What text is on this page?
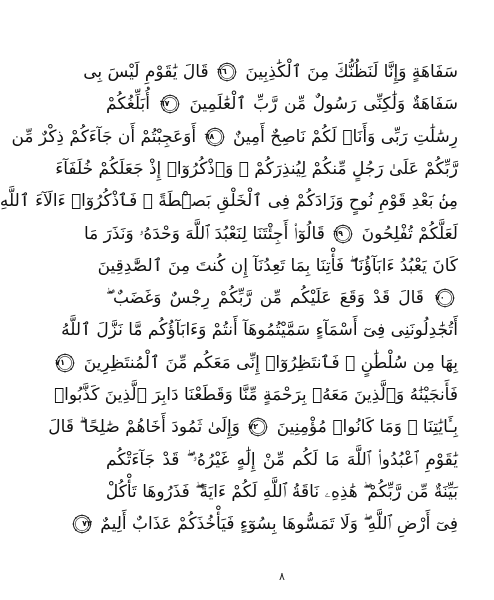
سَفَاهَةٍ وَإِنَّا لَنَظُنُّكَ مِنَ ٱلْكَٰذِبِينَ
٦٦ قَالَ يَٰقَوْمِ لَيْسَ بِى
سَفَاهَةٌ وَلَٰكِنِّى رَسُولٌ مِّن رَّبِّ ٱلْعَٰلَمِينَ
٦٧ أُبَلِّغُكُمْ
رِسَٰلَٰتِ رَبِّى وَأَنَا۠ لَكُمْ نَاصِحٌ أَمِينٌ
٦٨ أَوَعَجِبْتُمْ أَن جَآءَكُمْ ذِكْرٌ مِّن
رَّبِّكُمْ عَلَىٰ رَجُلٍ مِّنكُمْ لِيُنذِرَكُمْ ۚ وَٱذْكُرُوٓا۟ إِذْ جَعَلَكُمْ خُلَفَآءَ
مِنۢ بَعْدِ قَوْمِ نُوحٍ وَزَادَكُمْ فِى ٱلْخَلْقِ بَصْۜطَةً ۖ فَٱذْكُرُوٓا۟ ءَالَآءَ ٱللَّهِ
لَعَلَّكُمْ تُفْلِحُونَ
٦٩ قَالُوٓا۟ أَجِئْتَنَا لِنَعْبُدَ ٱللَّهَ وَحْدَهُۥ وَنَذَرَ مَا
كَانَ يَعْبُدُ ءَابَآؤُنَا ۖ فَأْتِنَا بِمَا تَعِدُنَآ إِن كُنتَ مِنَ ٱلصَّٰدِقِينَ
٧٠ قَالَ قَدْ وَقَعَ عَلَيْكُم مِّن رَّبِّكُمْ رِجْسٌ وَغَضَبٌ ۖ
أَتُجَٰدِلُونَنِى فِىٓ أَسْمَآءٍ سَمَّيْتُمُوهَآ أَنتُمْ وَءَابَآؤُكُم مَّا نَزَّلَ ٱللَّهُ
بِهَا مِن سُلْطَٰنٍ ۚ فَٱنتَظِرُوٓا۟ إِنِّى مَعَكُم مِّنَ ٱلْمُنتَظِرِينَ
٧١
فَأَنجَيْنَٰهُ وَٱلَّذِينَ مَعَهُۥ بِرَحْمَةٍ مِّنَّا وَقَطَعْنَا دَابِرَ ٱلَّذِينَ كَذَّبُوا۟
بِـَٔايَٰتِنَا ۖ وَمَا كَانُوا۟ مُؤْمِنِينَ
٧٢ وَإِلَىٰ ثَمُودَ أَخَاهُمْ صَٰلِحًا ۗ قَالَ
يَٰقَوْمِ ٱعْبُدُوا۟ ٱللَّهَ مَا لَكُم مِّنْ إِلَٰهٍ غَيْرُهُۥ ۖ قَدْ جَآءَتْكُم
بَيِّنَةٌ مِّن رَّبِّكُمْ ۖ هَٰذِهِۦ نَاقَةُ ٱللَّهِ لَكُمْ ءَايَةً ۖ فَذَرُوهَا تَأْكُلْ
فِىٓ أَرْضِ ٱللَّهِ ۖ وَلَا تَمَسُّوهَا بِسُوٓءٍ فَيَأْخُذَكُمْ عَذَابٌ أَلِيمٌ
٧٣
٨
